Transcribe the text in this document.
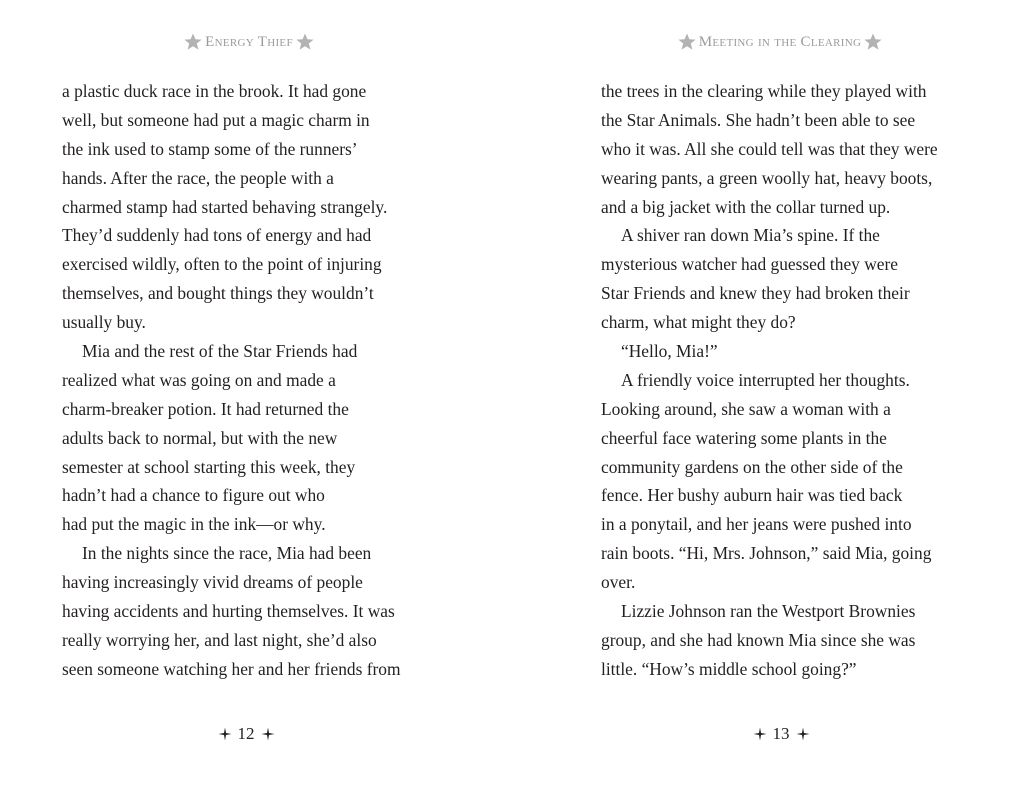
Energy Thief
a plastic duck race in the brook. It had gone
well, but someone had put a magic charm in
the ink used to stamp some of the runners’
hands. After the race, the people with a
charmed stamp had started behaving strangely.
They’d suddenly had tons of energy and had
exercised wildly, often to the point of injuring
themselves, and bought things they wouldn’t
usually buy.
Mia and the rest of the Star Friends had
realized what was going on and made a
charm-breaker potion. It had returned the
adults back to normal, but with the new
semester at school starting this week, they
hadn’t had a chance to figure out who
had put the magic in the ink—or why.
In the nights since the race, Mia had been
having increasingly vivid dreams of people
having accidents and hurting themselves. It was
really worrying her, and last night, she’d also
seen someone watching her and her friends from
12
Meeting in the Clearing
the trees in the clearing while they played with
the Star Animals. She hadn’t been able to see
who it was. All she could tell was that they were
wearing pants, a green woolly hat, heavy boots,
and a big jacket with the collar turned up.
A shiver ran down Mia’s spine. If the
mysterious watcher had guessed they were
Star Friends and knew they had broken their
charm, what might they do?
“Hello, Mia!”
A friendly voice interrupted her thoughts.
Looking around, she saw a woman with a
cheerful face watering some plants in the
community gardens on the other side of the
fence. Her bushy auburn hair was tied back
in a ponytail, and her jeans were pushed into
rain boots. “Hi, Mrs. Johnson,” said Mia, going
over.
Lizzie Johnson ran the Westport Brownies
group, and she had known Mia since she was
little. “How’s middle school going?”
13
